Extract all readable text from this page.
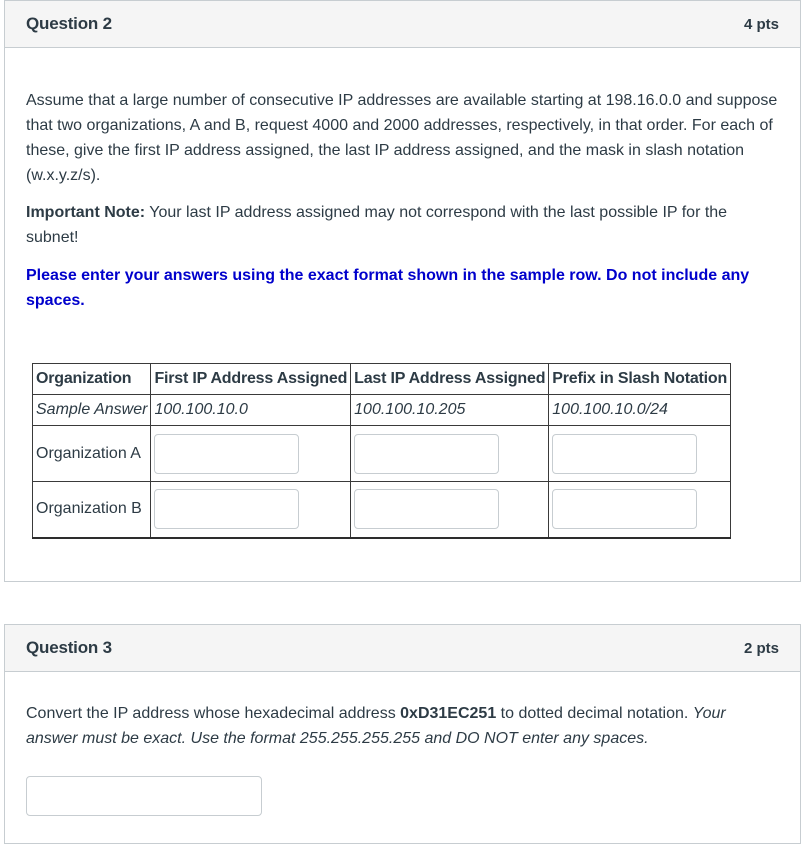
Question 2	4 pts

Assume that a large number of consecutive IP addresses are available starting at 198.16.0.0 and suppose that two organizations, A and B, request 4000 and 2000 addresses, respectively, in that order. For each of these, give the first IP address assigned, the last IP address assigned, and the mask in slash notation (w.x.y.z/s).

Important Note: Your last IP address assigned may not correspond with the last possible IP for the subnet!

Please enter your answers using the exact format shown in the sample row. Do not include any spaces.

Organization	First IP Address Assigned	Last IP Address Assigned	Prefix in Slash Notation
Sample Answer	100.100.10.0	100.100.10.205	100.100.10.0/24
Organization A	

Organization B	

Question 3	2 pts

Convert the IP address whose hexadecimal address 0xD31EC251 to dotted decimal notation. Your answer must be exact. Use the format 255.255.255.255 and DO NOT enter any spaces.
